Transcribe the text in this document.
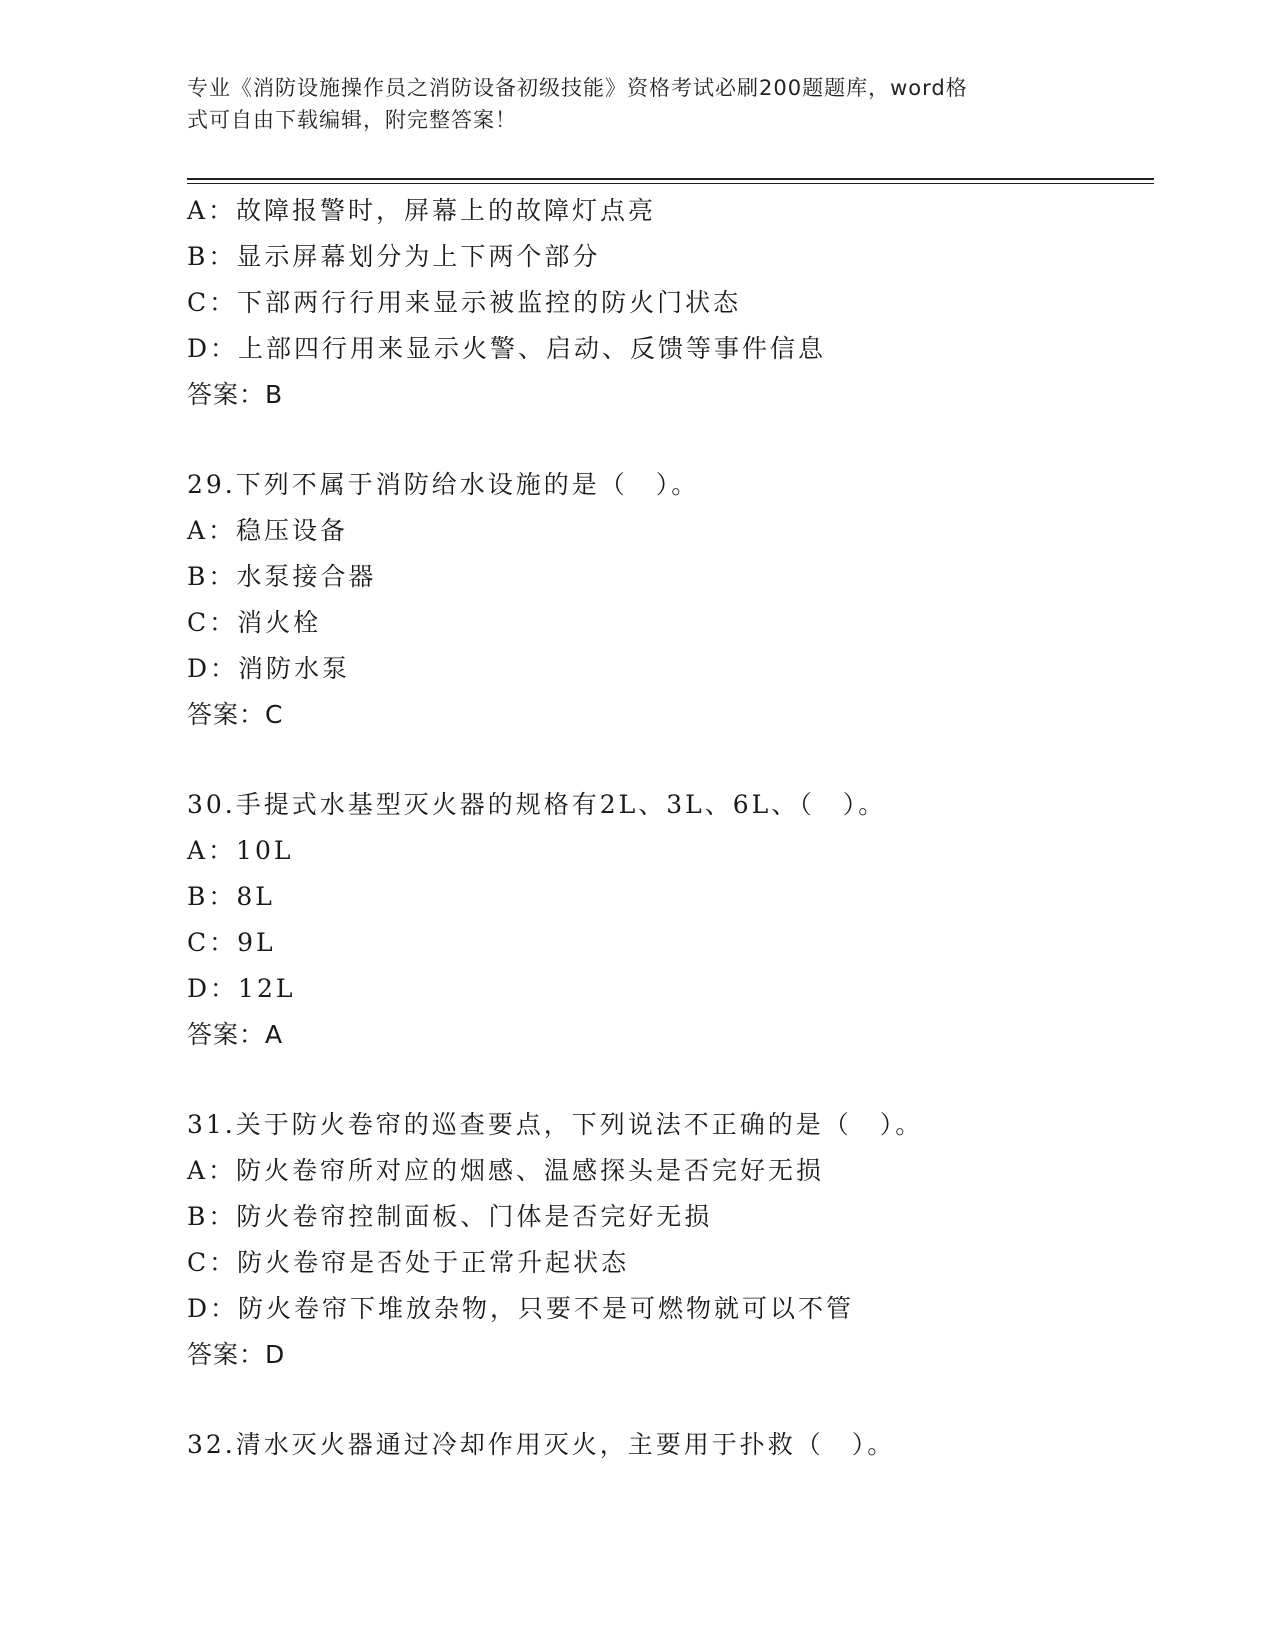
专业《消防设施操作员之消防设备初级技能》资格考试必刷200题题库，word格
式可自由下载编辑，附完整答案！
A：故障报警时，屏幕上的故障灯点亮
B：显示屏幕划分为上下两个部分
C：下部两行行用来显示被监控的防火门状态
D：上部四行用来显示火警、启动、反馈等事件信息
答案：B
29.下列不属于消防给水设施的是（　）。
A：稳压设备
B：水泵接合器
C：消火栓
D：消防水泵
答案：C
30.手提式水基型灭火器的规格有2L、3L、6L、（　）。
A：10L
B：8L
C：9L
D：12L
答案：A
31.关于防火卷帘的巡查要点，下列说法不正确的是（　）。
A：防火卷帘所对应的烟感、温感探头是否完好无损
B：防火卷帘控制面板、门体是否完好无损
C：防火卷帘是否处于正常升起状态
D：防火卷帘下堆放杂物，只要不是可燃物就可以不管
答案：D
32.清水灭火器通过冷却作用灭火，主要用于扑救（　）。
